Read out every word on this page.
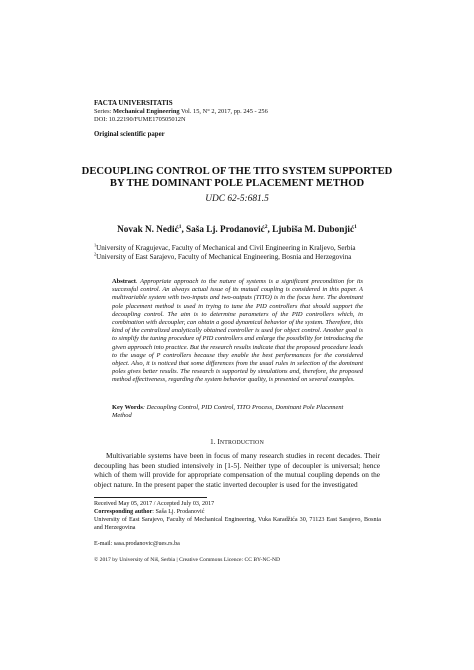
FACTA UNIVERSITATIS
Series: Mechanical Engineering Vol. 15, N° 2, 2017, pp. 245 - 256
DOI: 10.22190/FUME170505012N
Original scientific paper
DECOUPLING CONTROL OF THE TITO SYSTEM SUPPORTED
BY THE DOMINANT POLE PLACEMENT METHOD
UDC 62-5:681.5
Novak N. Nedić$^1$, Saša Lj. Prodanović$^2$, Ljubiša M. Dubonjić$^1$
$^1$University of Kragujevac, Faculty of Mechanical and Civil Engineering in Kraljevo, Serbia
$^2$University of East Sarajevo, Faculty of Mechanical Engineering, Bosnia and Herzegovina
Abstract. Appropriate approach to the nature of systems is a significant precondition for its successful control. An always actual issue of its mutual coupling is considered in this paper. A multivariable system with two-inputs and two-outputs (TITO) is in the focus here. The dominant pole placement method is used in trying to tune the PID controllers that should support the decoupling control. The aim is to determine parameters of the PID controllers which, in combination with decoupler, can obtain a good dynamical behavior of the system. Therefore, this kind of the centralized analytically obtained controller is used for object control. Another goal is to simplify the tuning procedure of PID controllers and enlarge the possibility for introducing the given approach into practice. But the research results indicate that the proposed procedure leads to the usage of P controllers because they enable the best performances for the considered object. Also, it is noticed that some differences from the usual rules in selection of the dominant poles gives better results. The research is supported by simulations and, therefore, the proposed method effectiveness, regarding the system behavior quality, is presented on several examples.
Key Words: Decoupling Control, PID Control, TITO Process, Dominant Pole Placement Method
1. INTRODUCTION
Multivariable systems have been in focus of many research studies in recent decades. Their decoupling has been studied intensively in [1-5]. Neither type of decoupler is universal; hence which of them will provide for appropriate compensation of the mutual coupling depends on the object nature. In the present paper the static inverted decoupler is used for the investigated
Received May 05, 2017 / Accepted July 03, 2017
Corresponding author: Saša Lj. Prodanović
University of East Sarajevo, Faculty of Mechanical Engineering, Vuka Karadžića 30, 71123 East Sarajevo, Bosnia and Herzegovina
E-mail: sasa.prodanovic@ues.rs.ba
© 2017 by University of Niš, Serbia | Creative Commons Licence: CC BY-NC-ND
